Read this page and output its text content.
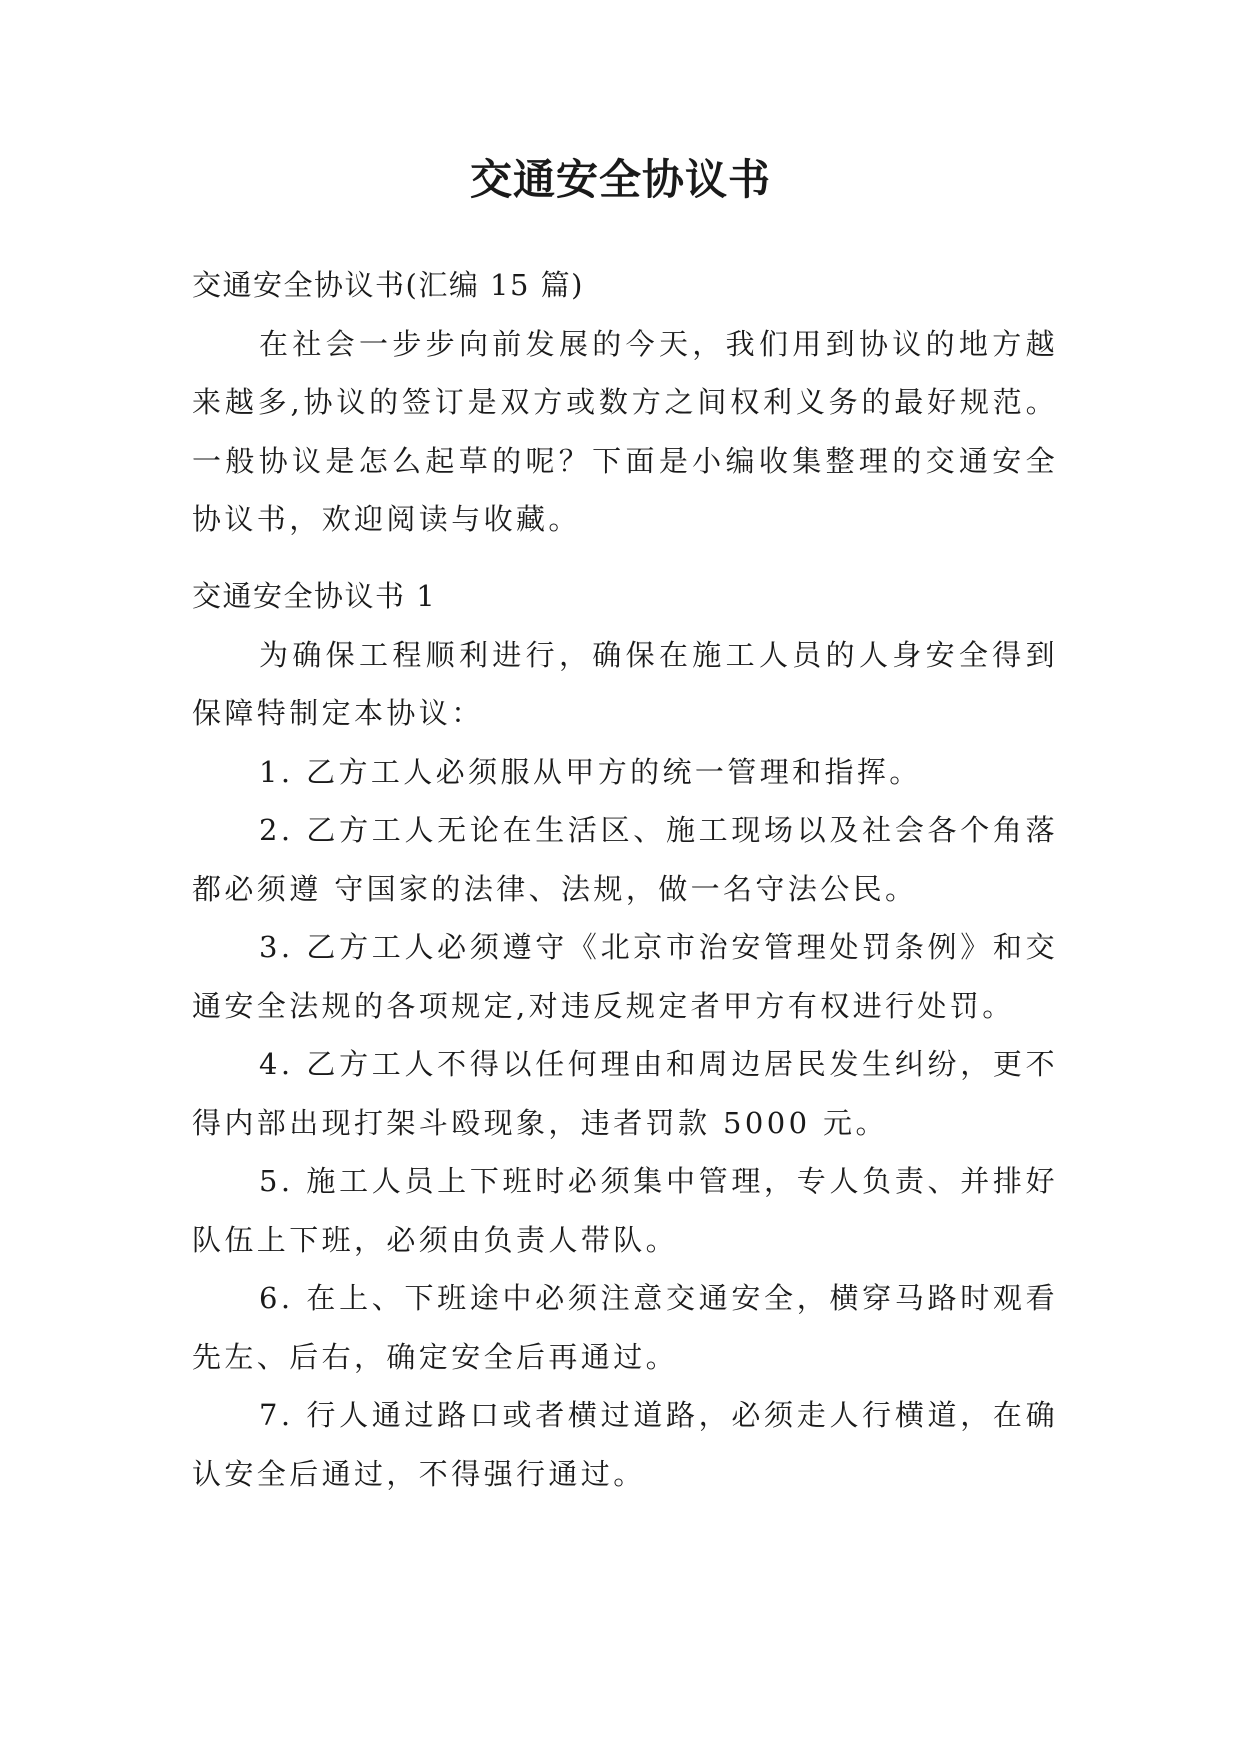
交通安全协议书

交通安全协议书(汇编 15 篇)

在社会一步步向前发展的今天，我们用到协议的地方越来越多,协议的签订是双方或数方之间权利义务的最好规范。一般协议是怎么起草的呢？下面是小编收集整理的交通安全协议书，欢迎阅读与收藏。

交通安全协议书 1

为确保工程顺利进行，确保在施工人员的人身安全得到保障特制定本协议：

1. 乙方工人必须服从甲方的统一管理和指挥。

2. 乙方工人无论在生活区、施工现场以及社会各个角落都必须遵 守国家的法律、法规，做一名守法公民。

3. 乙方工人必须遵守《北京市治安管理处罚条例》和交通安全法规的各项规定,对违反规定者甲方有权进行处罚。

4. 乙方工人不得以任何理由和周边居民发生纠纷，更不得内部出现打架斗殴现象，违者罚款 5000 元。

5. 施工人员上下班时必须集中管理，专人负责、并排好队伍上下班，必须由负责人带队。

6. 在上、下班途中必须注意交通安全，横穿马路时观看先左、后右，确定安全后再通过。

7. 行人通过路口或者横过道路，必须走人行横道，在确认安全后通过，不得强行通过。
